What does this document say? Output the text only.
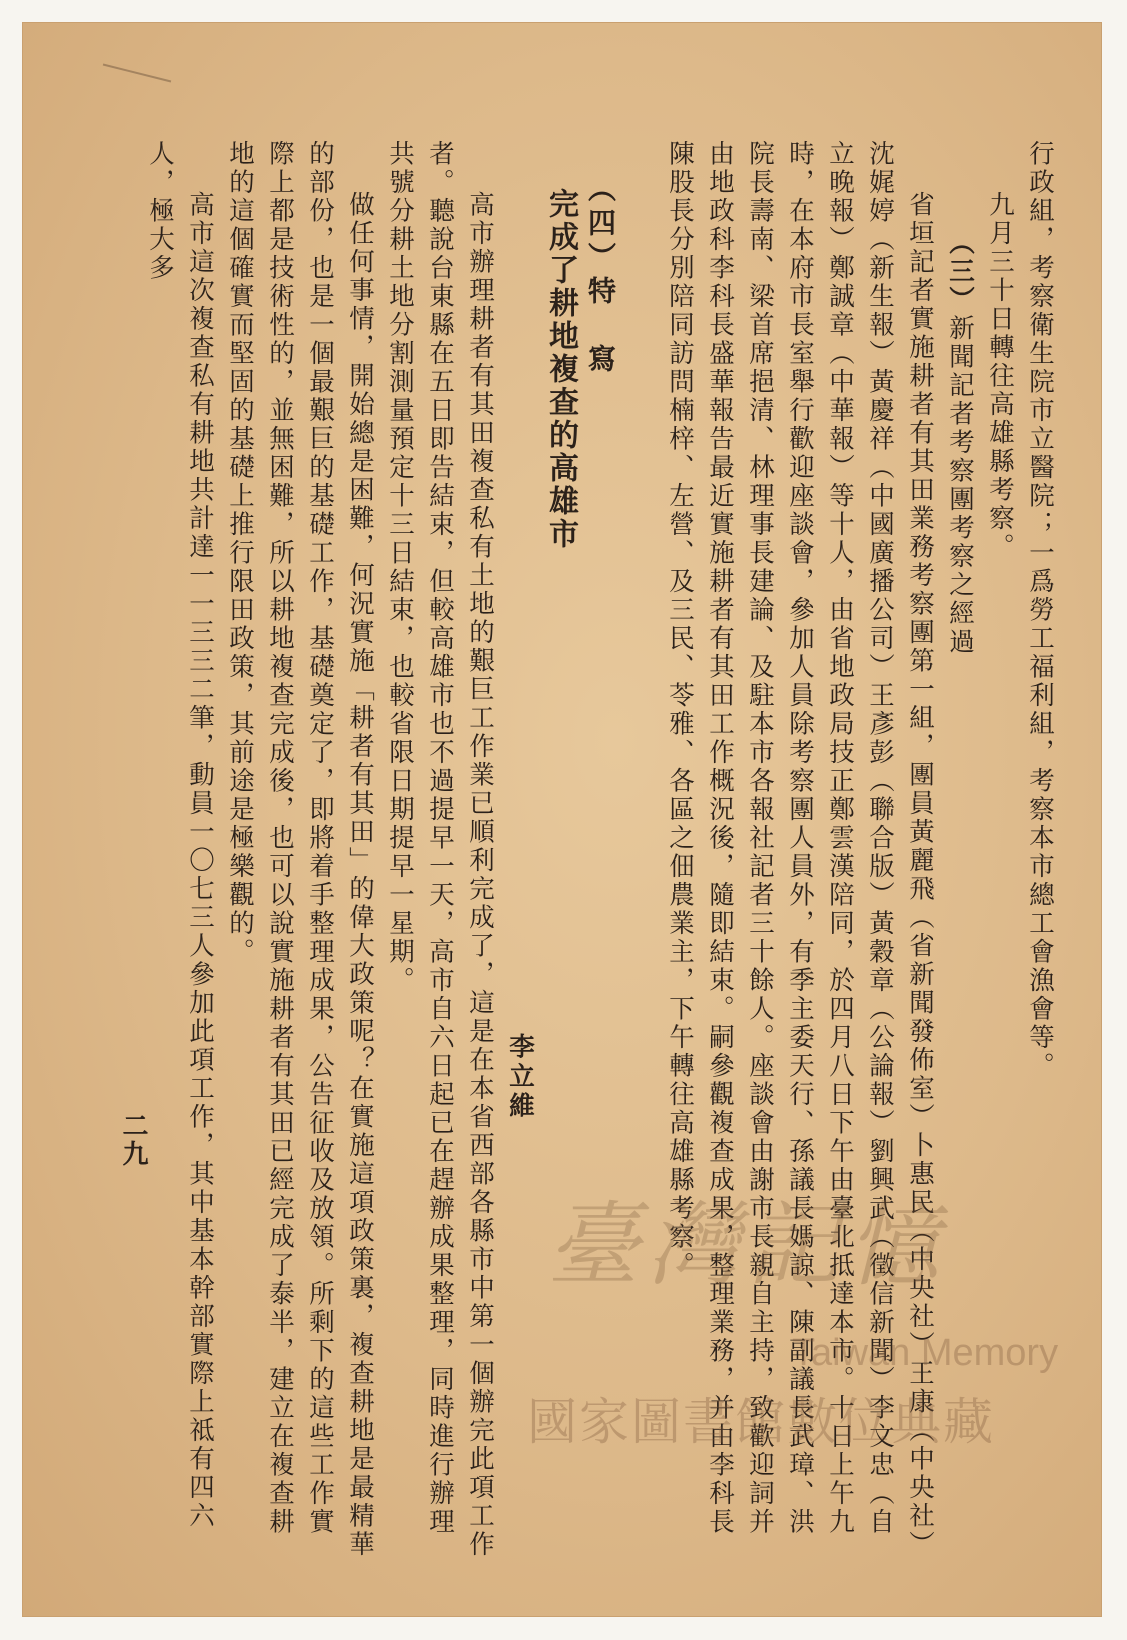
行政組，考察衛生院市立醫院；一爲勞工福利組，考察本市總工會漁會等。

九月三十日轉往高雄縣考察。

（三）新聞記者考察團考察之經過

省垣記者實施耕者有其田業務考察團第一組，團員黃麗飛（省新聞發佈室）卜惠民（中央社）王康（中央社）沈娓婷（新生報）黃慶祥（中國廣播公司）王彥彭（聯合版）黃穀章（公論報）劉興武（徵信新聞）李文忠（自立晚報）鄭誠章（中華報）等十人，由省地政局技正鄭雲漢陪同，於四月八日下午由臺北抵達本市。十日上午九時，在本府市長室舉行歡迎座談會，參加人員除考察團人員外，有季主委天行、孫議長媽諒、陳副議長武璋、洪院長壽南、梁首席挹清、林理事長建論、及駐本市各報社記者三十餘人。座談會由謝市長親自主持，致歡迎詞并由地政科李科長盛華報告最近實施耕者有其田工作概況後，隨即結束。嗣參觀複查成果，整理業務，并由李科長陳股長分別陪同訪問楠梓、左營、及三民、苓雅、各區之佃農業主，下午轉往高雄縣考察。

（四）特　寫

完成了耕地複查的高雄市

李立維

高市辦理耕者有其田複查私有土地的艱巨工作業已順利完成了，這是在本省西部各縣市中第一個辦完此項工作者。聽說台東縣在五日即告結束，但較高雄市也不過提早一天，高市自六日起已在趕辦成果整理，同時進行辦理共號分耕土地分割測量預定十三日結束，也較省限日期提早一星期。

做任何事情，開始總是困難，何況實施「耕者有其田」的偉大政策呢？在實施這項政策裏，複查耕地是最精華的部份，也是一個最艱巨的基礎工作，基礎奠定了，即將着手整理成果，公告征收及放領。所剩下的這些工作實際上都是技術性的，並無困難，所以耕地複查完成後，也可以說實施耕者有其田已經完成了泰半，建立在複查耕地的這個確實而堅固的基礎上推行限田政策，其前途是極樂觀的。

高市這次複查私有耕地共計達一一三三二筆，動員一〇七三人參加此項工作，其中基本幹部實際上祗有四六人，極大多

二九
臺灣記憶
Taiwan Memory
國家圖書館數位典藏
